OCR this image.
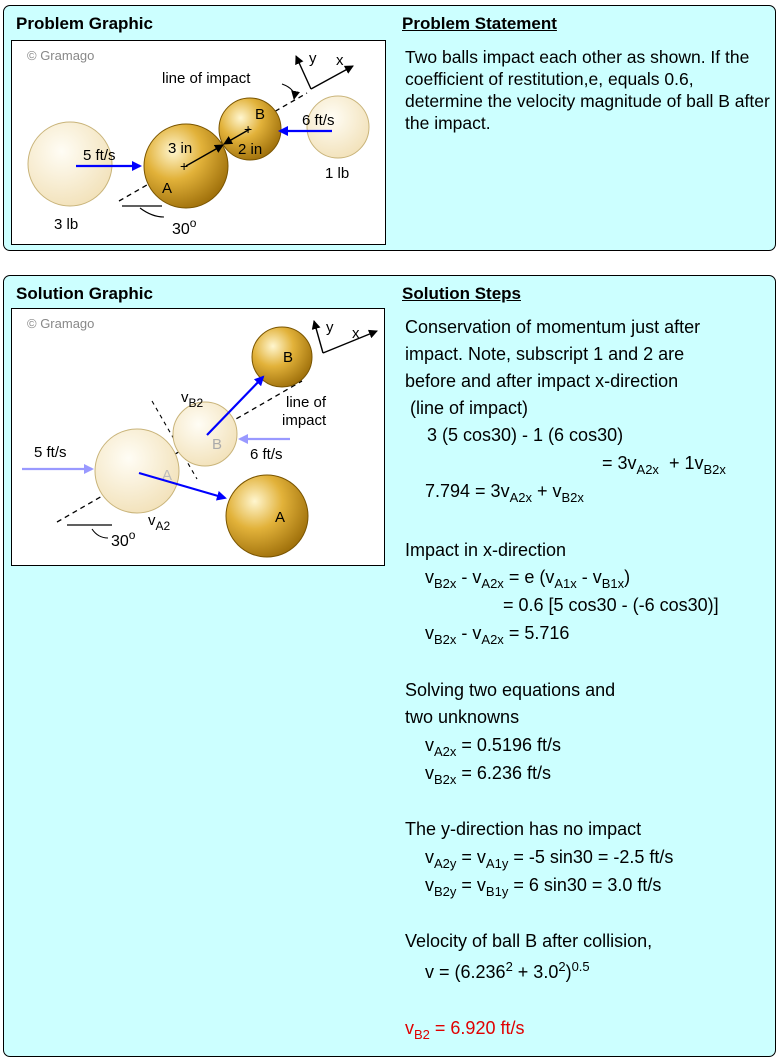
Problem Graphic	Problem Statement
© Gramago
$30^o$
+
+
3 in	2 in
A
B
5 ft/s
6 ft/s
3 lb
1 lb
line of impact
y x	Two balls impact each other as shown. If the coefficient of restitution,e, equals 0.6, determine the velocity magnitude of ball B after the impact.
Solution Graphic	Solution Steps
© Gramago
30$^o$
A
B
B
A
5 ft/s	6 ft/s
$v_{B2}$
$v_{A2}$
line of
impact
y x	Conservation of momentum just after
impact. Note, subscript 1 and 2 are
before and after impact x-direction
(line of impact)
3 (5 cos30) - 1 (6 cos30)
= $3v_{A2x} + 1v_{B2x}$
$7.794 = 3v_{A2x} + v_{B2x}$
Impact in x-direction
$v_{B2x} - v_{A2x} = e$ $(v_{A1x} - v_{B1x})$
= 0.6 [5 cos30 - (-6 cos30)]
$v_{B2x} - v_{A2x} = 5.716$
Solving two equations and
two unknowns
$v_{A2x} = 0.5196$ ft/s
$v_{B2x} = 6.236$ ft/s
The y-direction has no impact
$v_{A2y} = v_{A1y} = -5$ sin30 = -2.5 ft/s
$v_{B2y} = v_{B1y} = 6$ sin30 = 3.0 ft/s
Velocity of ball B after collision,
$v = (6.236^2 + 3.0^2)^{0.5}$
$v_{B2} = 6.920$ ft/s
